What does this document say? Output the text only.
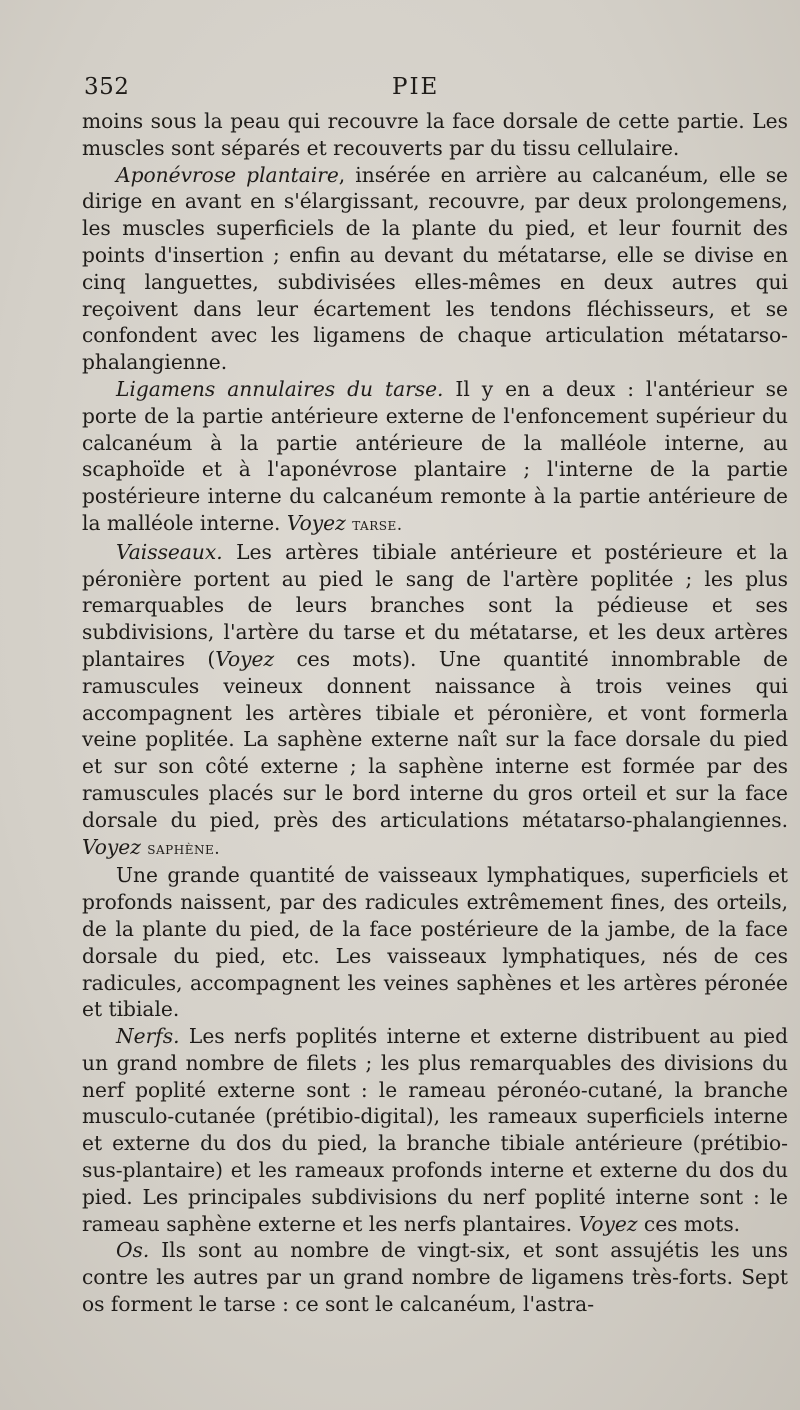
352	PIE

moins sous la peau qui recouvre la face dorsale de cette partie. Les muscles sont séparés et recouverts par du tissu cellulaire.

Aponévrose plantaire, insérée en arrière au calcanéum, elle se dirige en avant en s'élargissant, recouvre, par deux prolongemens, les muscles superficiels de la plante du pied, et leur fournit des points d'insertion ; enfin au devant du métatarse, elle se divise en cinq languettes, subdivisées elles-mêmes en deux autres qui reçoivent dans leur écartement les tendons fléchisseurs, et se confondent avec les ligamens de chaque articulation métatarso-phalangienne.

Ligamens annulaires du tarse. Il y en a deux : l'antérieur se porte de la partie antérieure externe de l'enfoncement supérieur du calcanéum à la partie antérieure de la malléole interne, au scaphoïde et à l'aponévrose plantaire ; l'interne de la partie postérieure interne du calcanéum remonte à la partie antérieure de la malléole interne. Voyez tarse.

Vaisseaux. Les artères tibiale antérieure et postérieure et la péronière portent au pied le sang de l'artère poplitée ; les plus remarquables de leurs branches sont la pédieuse et ses subdivisions, l'artère du tarse et du métatarse, et les deux artères plantaires (Voyez ces mots). Une quantité innombrable de ramuscules veineux donnent naissance à trois veines qui accompagnent les artères tibiale et péronière, et vont formerla veine poplitée. La saphène externe naît sur la face dorsale du pied et sur son côté externe ; la saphène interne est formée par des ramuscules placés sur le bord interne du gros orteil et sur la face dorsale du pied, près des articulations métatarso-phalangiennes. Voyez saphène.

Une grande quantité de vaisseaux lymphatiques, superficiels et profonds naissent, par des radicules extrêmement fines, des orteils, de la plante du pied, de la face postérieure de la jambe, de la face dorsale du pied, etc. Les vaisseaux lymphatiques, nés de ces radicules, accompagnent les veines saphènes et les artères péronée et tibiale.

Nerfs. Les nerfs poplités interne et externe distribuent au pied un grand nombre de filets ; les plus remarquables des divisions du nerf poplité externe sont : le rameau péronéo-cutané, la branche musculo-cutanée (prétibio-digital), les rameaux superficiels interne et externe du dos du pied, la branche tibiale antérieure (prétibio-sus-plantaire) et les rameaux profonds interne et externe du dos du pied. Les principales subdivisions du nerf poplité interne sont : le rameau saphène externe et les nerfs plantaires. Voyez ces mots.

Os. Ils sont au nombre de vingt-six, et sont assujétis les uns contre les autres par un grand nombre de ligamens très-forts. Sept os forment le tarse : ce sont le calcanéum, l'astra-
